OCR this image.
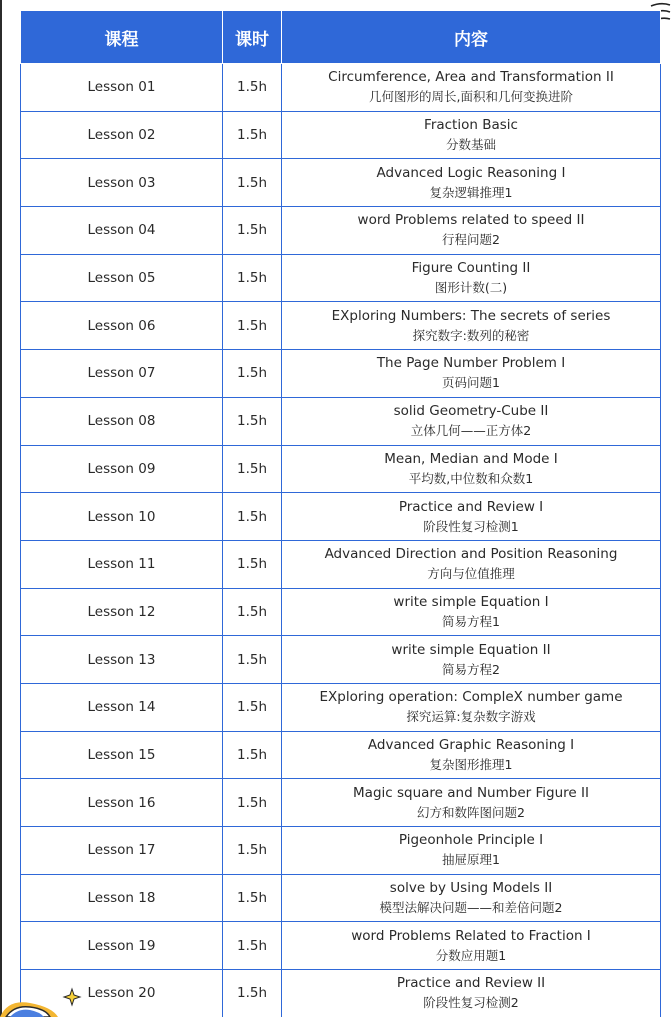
课程	课时	内容
Lesson 01	1.5h	Circumference, Area and Transformation II
几何图形的周长,面积和几何变换进阶

Lesson 02	1.5h	Fraction Basic
分数基础

Lesson 03	1.5h	Advanced Logic Reasoning I
复杂逻辑推理1

Lesson 04	1.5h	word Problems related to speed II
行程问题2

Lesson 05	1.5h	Figure Counting II
图形计数(二)

Lesson 06	1.5h	EXploring Numbers: The secrets of series
探究数字:数列的秘密

Lesson 07	1.5h	The Page Number Problem I
页码问题1

Lesson 08	1.5h	solid Geometry-Cube II
立体几何——正方体2

Lesson 09	1.5h	Mean, Median and Mode I
平均数,中位数和众数1

Lesson 10	1.5h	Practice and Review I
阶段性复习检测1

Lesson 11	1.5h	Advanced Direction and Position Reasoning
方向与位值推理

Lesson 12	1.5h	write simple Equation I
简易方程1

Lesson 13	1.5h	write simple Equation II
简易方程2

Lesson 14	1.5h	EXploring operation: CompleX number game
探究运算:复杂数字游戏

Lesson 15	1.5h	Advanced Graphic Reasoning I
复杂图形推理1

Lesson 16	1.5h	Magic square and Number Figure II
幻方和数阵图问题2

Lesson 17	1.5h	Pigeonhole Principle I
抽屉原理1

Lesson 18	1.5h	solve by Using Models II
模型法解决问题——和差倍问题2

Lesson 19	1.5h	word Problems Related to Fraction I
分数应用题1

Lesson 20	1.5h	Practice and Review II
阶段性复习检测2
